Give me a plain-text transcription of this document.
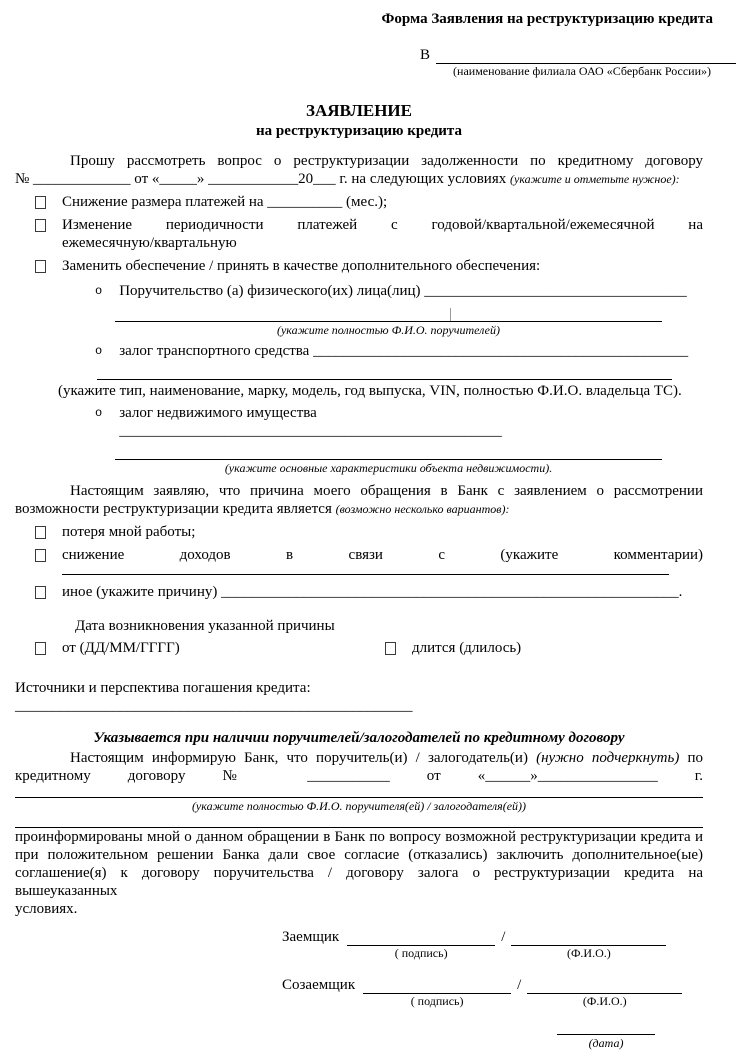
Форма Заявления на реструктуризацию кредита
В
(наименование филиала ОАО «Сбербанк России»)
ЗАЯВЛЕНИЕ
на реструктуризацию кредита
Прошу рассмотреть вопрос о реструктуризации задолженности по кредитному договору
№ _____________ от «_____» ____________20___ г. на следующих условиях (укажите и отметьте нужное):
Снижение размера платежей на __________ (мес.);
Изменение периодичности платежей с годовой/квартальной/ежемесячной на
ежемесячную/квартальную
Заменить обеспечение / принять в качестве дополнительного обеспечения:
o Поручительство (а) физического(их) лица(лиц) ___________________________________
(укажите полностью Ф.И.О. поручителей)
o залог транспортного средства __________________________________________________
(укажите тип, наименование, марку, модель, год выпуска, VIN, полностью Ф.И.О. владельца ТС).
o залог недвижимого имущества ___________________________________________________
(укажите основные характеристики объекта недвижимости).
Настоящим заявляю, что причина моего обращения в Банк с заявлением о рассмотрении
возможности реструктуризации кредита является (возможно несколько вариантов):
потеря мной работы;
снижение доходов в связи с (укажите комментарии)
иное (укажите причину) _____________________________________________________________.
Дата возникновения указанной причины
от (ДД/ММ/ГГГГ)	длится (длилось)
Источники и перспектива погашения кредита: _____________________________________________________
Указывается при наличии поручителей/залогодателей по кредитному договору
Настоящим информирую Банк, что поручитель(и) / залогодатель(и) (нужно подчеркнуть) по
кредитному договору № ___________ от «______»________________ г.
(укажите полностью Ф.И.О. поручителя(ей) / залогодателя(ей))
проинформированы мной о данном обращении в Банк по вопросу возможной реструктуризации кредита и
при положительном решении Банка дали свое согласие (отказались) заключить дополнительное(ые)
соглашение(я) к договору поручительства / договору залога о реструктуризации кредита на вышеуказанных
условиях.
Заемщик
( подпись)
/
(Ф.И.О.)
Созаемщик
( подпись)
/
(Ф.И.О.)
(дата)
